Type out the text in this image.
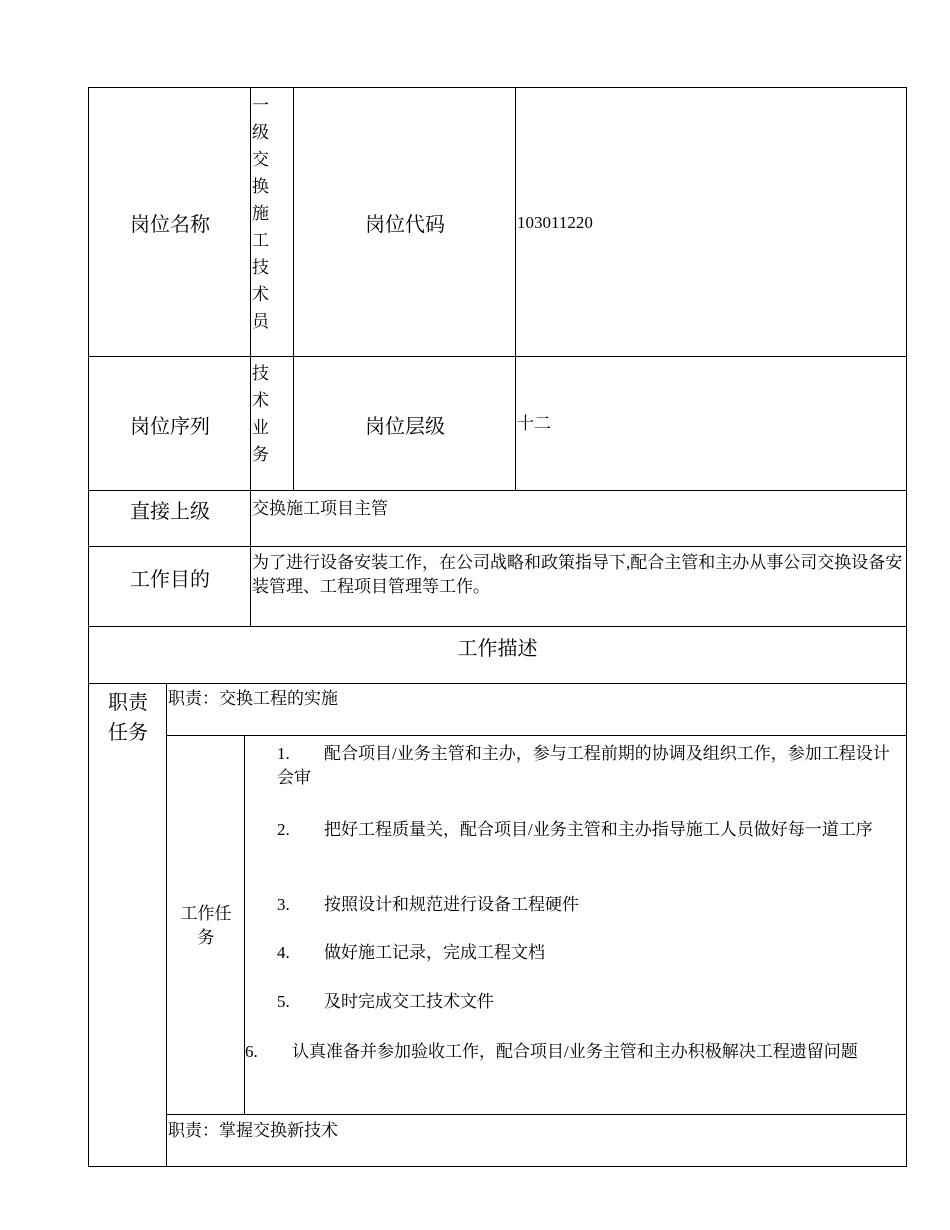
岗位名称
一级交换施工技术员
岗位代码	103011220
岗位序列
技术业务
岗位层级	十二
直接上级 交换施工项目主管
工作目的
为了进行设备安装工作，在公司战略和政策指导下,配合主管和主办从事公司交换设备安装管理、工程项目管理等工作。
工作描述
职责任务
职责：交换工程的实施
工作任务
1. 配合项目/业务主管和主办，参与工程前期的协调及组织工作，参加工程设计会审
2. 把好工程质量关，配合项目/业务主管和主办指导施工人员做好每一道工序
3. 按照设计和规范进行设备工程硬件
4. 做好施工记录，完成工程文档
5. 及时完成交工技术文件
6. 认真准备并参加验收工作，配合项目/业务主管和主办积极解决工程遗留问题
职责：掌握交换新技术
